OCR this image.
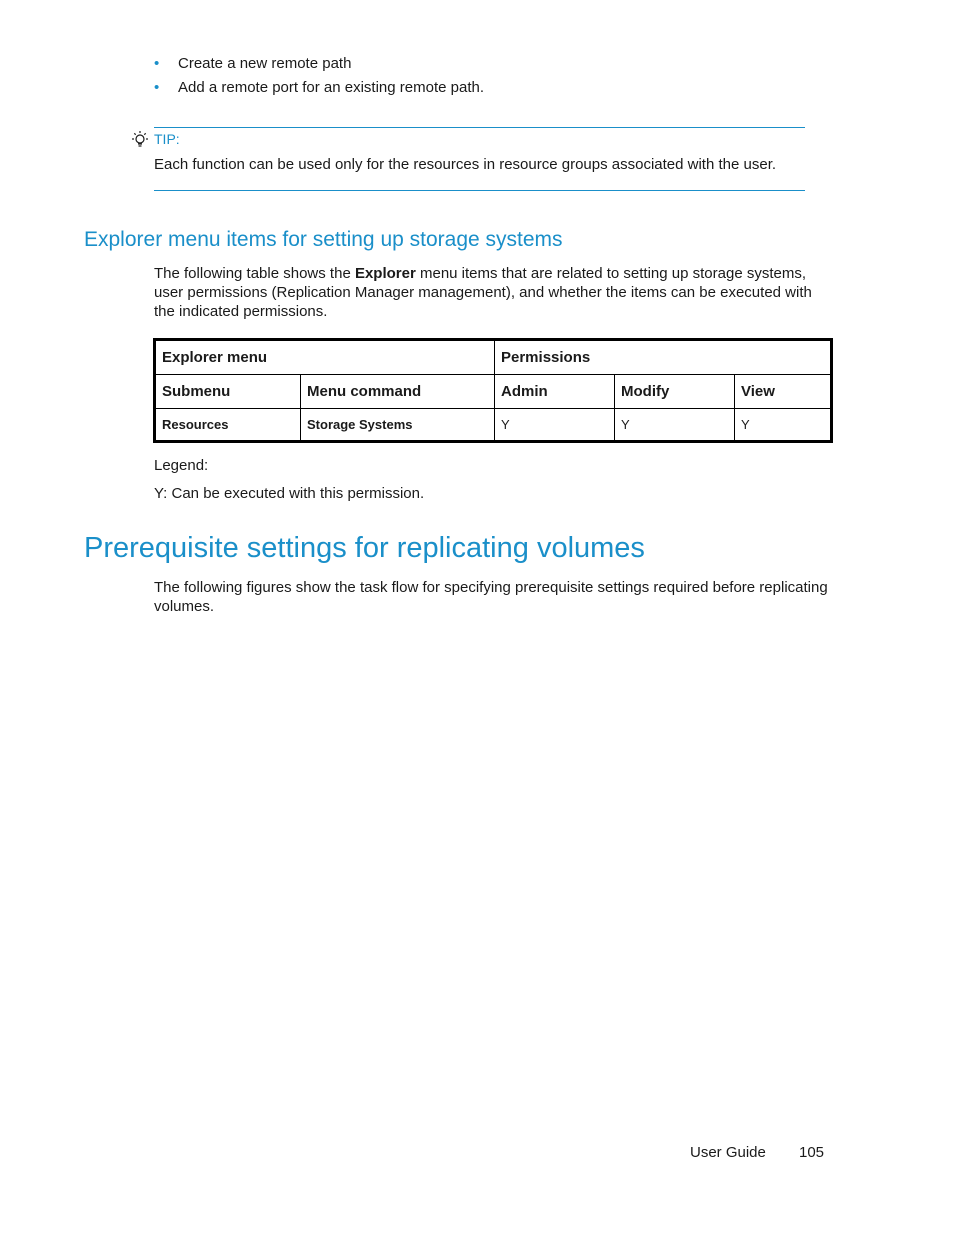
• Create a new remote path
• Add a remote port for an existing remote path.
TIP:
Each function can be used only for the resources in resource groups associated with the user.
Explorer menu items for setting up storage systems
The following table shows the Explorer menu items that are related to setting up storage systems, user permissions (Replication Manager management), and whether the items can be executed with the indicated permissions.
Explorer menu		Permissions		
Submenu	Menu command	Admin	Modify	View
Resources	Storage Systems	Y	Y	Y
Legend:
Y: Can be executed with this permission.
Prerequisite settings for replicating volumes
The following figures show the task flow for specifying prerequisite settings required before replicating volumes.
User Guide 105
